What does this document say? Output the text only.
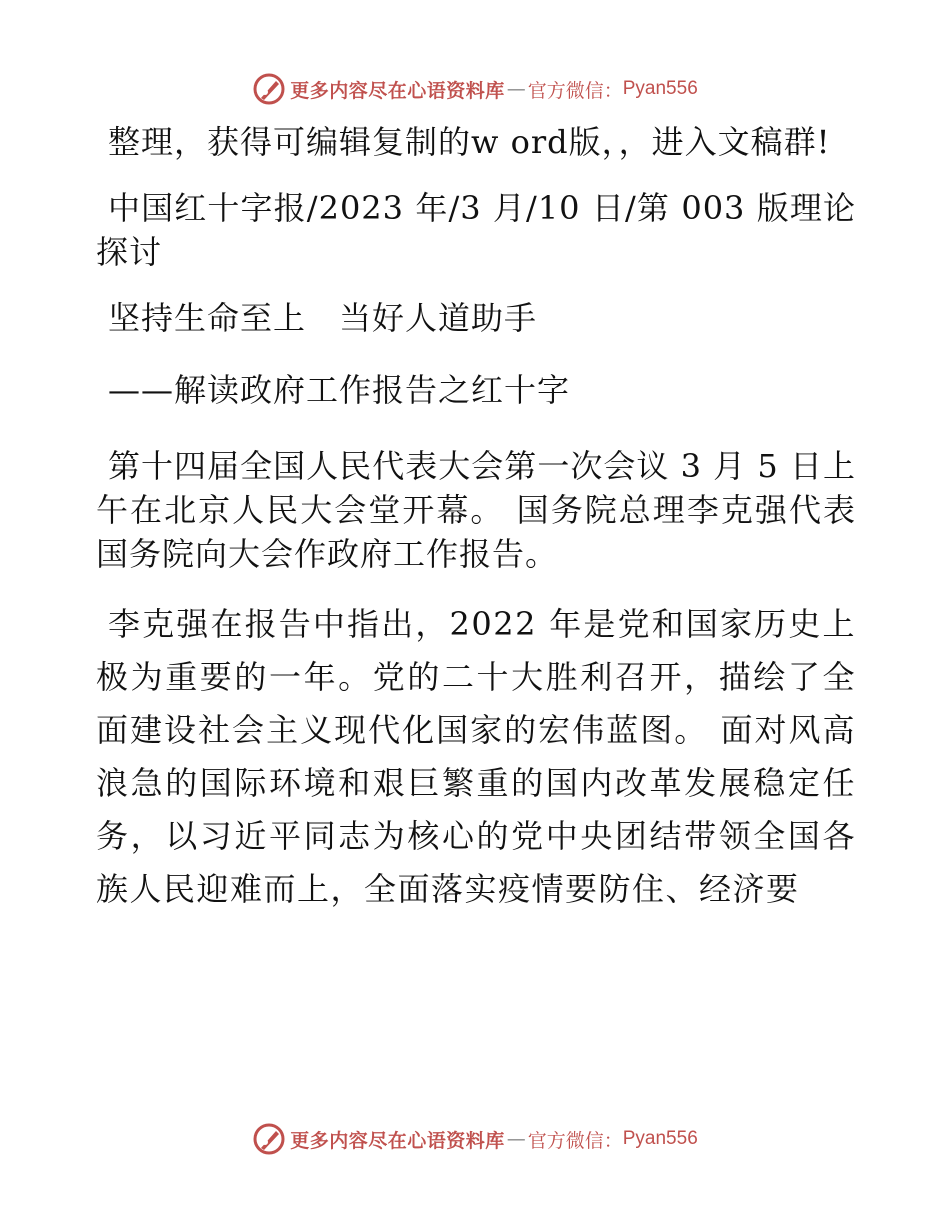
更多内容尽在心语资料库 — 官方微信： Pyan556

整理，获得可编辑复制的w ord版，，进入文稿群!

中国红十字报/2023 年/3 月/10 日/第 003 版理论探讨

坚持生命至上　当好人道助手

——解读政府工作报告之红十字

第十四届全国人民代表大会第一次会议 3 月 5 日上午在北京人民大会堂开幕。 国务院总理李克强代表国务院向大会作政府工作报告。

李克强在报告中指出，2022 年是党和国家历史上极为重要的一年。党的二十大胜利召开，描绘了全面建设社会主义现代化国家的宏伟蓝图。 面对风高浪急的国际环境和艰巨繁重的国内改革发展稳定任务，以习近平同志为核心的党中央团结带领全国各族人民迎难而上，全面落实疫情要防住、经济要

更多内容尽在心语资料库 — 官方微信： Pyan556
